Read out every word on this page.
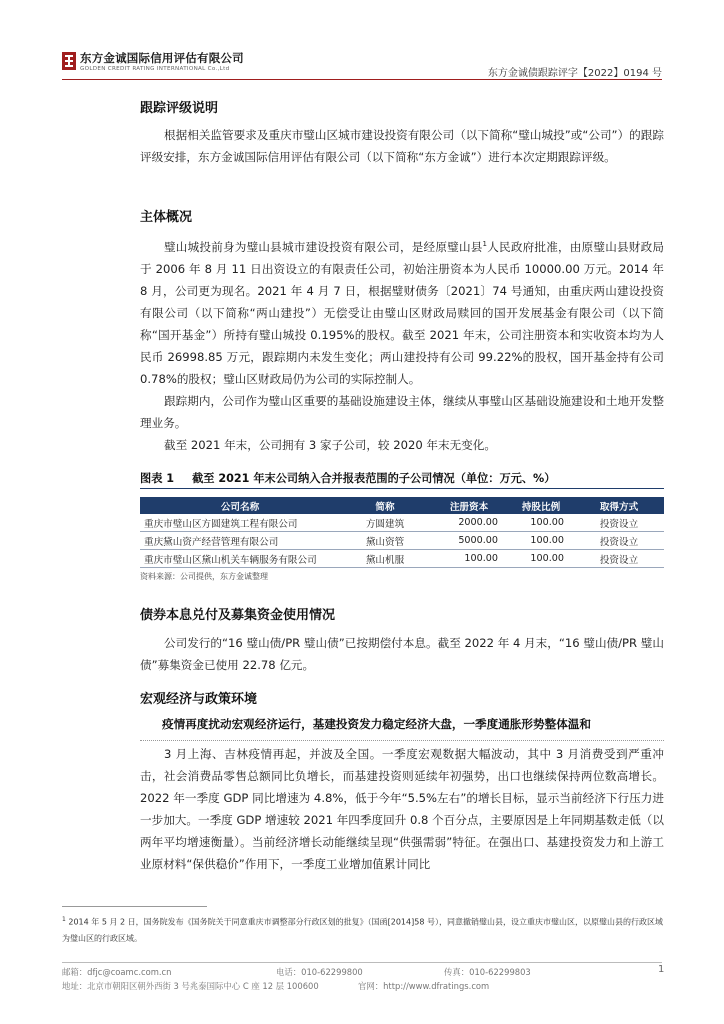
东方金诚国际信用评估有限公司
GOLDEN CREDIT RATING INTERNATIONAL Co.,Ltd	东方金诚债跟踪评字【2022】0194 号
跟踪评级说明

根据相关监管要求及重庆市璧山区城市建设投资有限公司（以下简称“璧山城投”或“公司”）的跟踪评级安排，东方金诚国际信用评估有限公司（以下简称“东方金诚”）进行本次定期跟踪评级。

主体概况

璧山城投前身为璧山县城市建设投资有限公司，是经原璧山县$^1$人民政府批准，由原璧山县财政局于 2006 年 8 月 11 日出资设立的有限责任公司，初始注册资本为人民币 10000.00 万元。2014 年 8 月，公司更为现名。2021 年 4 月 7 日，根据璧财债务〔2021〕74 号通知，由重庆两山建设投资有限公司（以下简称“两山建投”）无偿受让由璧山区财政局赎回的国开发展基金有限公司（以下简称“国开基金”）所持有璧山城投 0.195%的股权。截至 2021 年末，公司注册资本和实收资本均为人民币 26998.85 万元，跟踪期内未发生变化；两山建投持有公司 99.22%的股权，国开基金持有公司 0.78%的股权；璧山区财政局仍为公司的实际控制人。

跟踪期内，公司作为璧山区重要的基础设施建设主体，继续从事璧山区基础设施建设和土地开发整理业务。

截至 2021 年末，公司拥有 3 家子公司，较 2020 年末无变化。

图表 1 截至 2021 年末公司纳入合并报表范围的子公司情况（单位：万元、%）
公司名称	简称	注册资本	持股比例	取得方式
重庆市璧山区方圆建筑工程有限公司	方圆建筑	2000.00	100.00	投资设立
重庆黛山资产经营管理有限公司	黛山资管	5000.00	100.00	投资设立
重庆市璧山区黛山机关车辆服务有限公司	黛山机服	100.00	100.00	投资设立
资料来源：公司提供，东方金诚整理
债券本息兑付及募集资金使用情况

公司发行的“16 璧山债/PR 璧山债”已按期偿付本息。截至 2022 年 4 月末，“16 璧山债/PR 璧山债”募集资金已使用 22.78 亿元。

宏观经济与政策环境
疫情再度扰动宏观经济运行，基建投资发力稳定经济大盘，一季度通胀形势整体温和

3 月上海、吉林疫情再起，并波及全国。一季度宏观数据大幅波动，其中 3 月消费受到严重冲击，社会消费品零售总额同比负增长，而基建投资则延续年初强势，出口也继续保持两位数高增长。2022 年一季度 GDP 同比增速为 4.8%，低于今年“5.5%左右”的增长目标，显示当前经济下行压力进一步加大。一季度 GDP 增速较 2021 年四季度回升 0.8 个百分点，主要原因是上年同期基数走低（以两年平均增速衡量）。当前经济增长动能继续呈现“供强需弱”特征。在强出口、基建投资发力和上游工业原材料“保供稳价”作用下，一季度工业增加值累计同比

$^1$ 2014 年 5 月 2 日，国务院发布《国务院关于同意重庆市调整部分行政区划的批复》（国函[2014]58 号），同意撤销璧山县，设立重庆市璧山区，以原璧山县的行政区域为璧山区的行政区域。

邮箱：dfjc@coamc.com.cn	电话：010-62299800	传真：010-62299803
地址：北京市朝阳区朝外西街 3 号兆泰国际中心 C 座 12 层 100600	官网：http://www.dfratings.com
1
